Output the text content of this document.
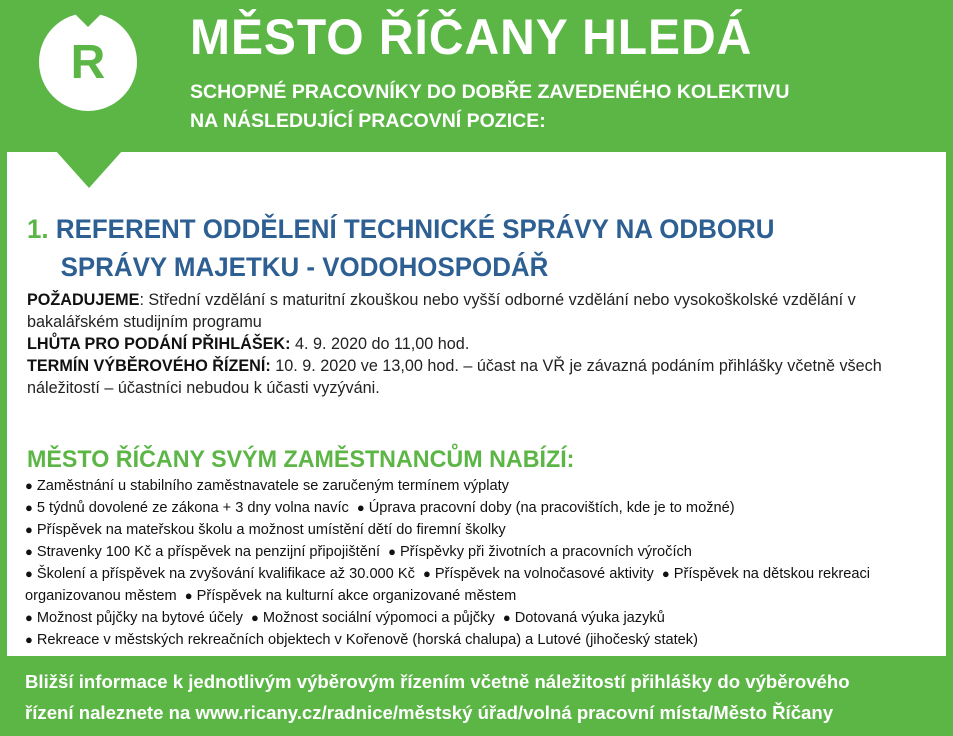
R MĚSTO ŘÍČANY HLEDÁ
SCHOPNÉ PRACOVNÍKY DO DOBŘE ZAVEDENÉHO KOLEKTIVU
NA NÁSLEDUJÍCÍ PRACOVNÍ POZICE:
1. REFERENT ODDĚLENÍ TECHNICKÉ SPRÁVY NA ODBORU
SPRÁVY MAJETKU - VODOHOSPODÁŘ
POŽADUJEME: Střední vzdělání s maturitní zkouškou nebo vyšší odborné vzdělání nebo vysokoškolské vzdělání v bakalářském studijním programu
LHŮTA PRO PODÁNÍ PŘIHLÁŠEK: 4. 9. 2020 do 11,00 hod.
TERMÍN VÝBĚROVÉHO ŘÍZENÍ: 10. 9. 2020 ve 13,00 hod. – účast na VŘ je závazná podáním přihlášky včetně všech náležitostí – účastníci nebudou k účasti vyzýváni.
MĚSTO ŘÍČANY SVÝM ZAMĚSTNANCŮM NABÍZÍ:
● Zaměstnání u stabilního zaměstnavatele se zaručeným termínem výplaty
● 5 týdnů dovolené ze zákona + 3 dny volna navíc ● Úprava pracovní doby (na pracovištích, kde je to možné)
● Příspěvek na mateřskou školu a možnost umístění dětí do firemní školky
● Stravenky 100 Kč a příspěvek na penzijní připojištění ● Příspěvky při životních a pracovních výročích
● Školení a příspěvek na zvyšování kvalifikace až 30.000 Kč ● Příspěvek na volnočasové aktivity ● Příspěvek na dětskou rekreaci organizovanou městem ● Příspěvek na kulturní akce organizované městem
● Možnost půjčky na bytové účely ● Možnost sociální výpomoci a půjčky ● Dotovaná výuka jazyků
● Rekreace v městských rekreačních objektech v Kořenově (horská chalupa) a Lutové (jihočeský statek)
Bližší informace k jednotlivým výběrovým řízením včetně náležitostí přihlášky do výběrového
řízení naleznete na www.ricany.cz/radnice/městský úřad/volná pracovní místa/Město Říčany
